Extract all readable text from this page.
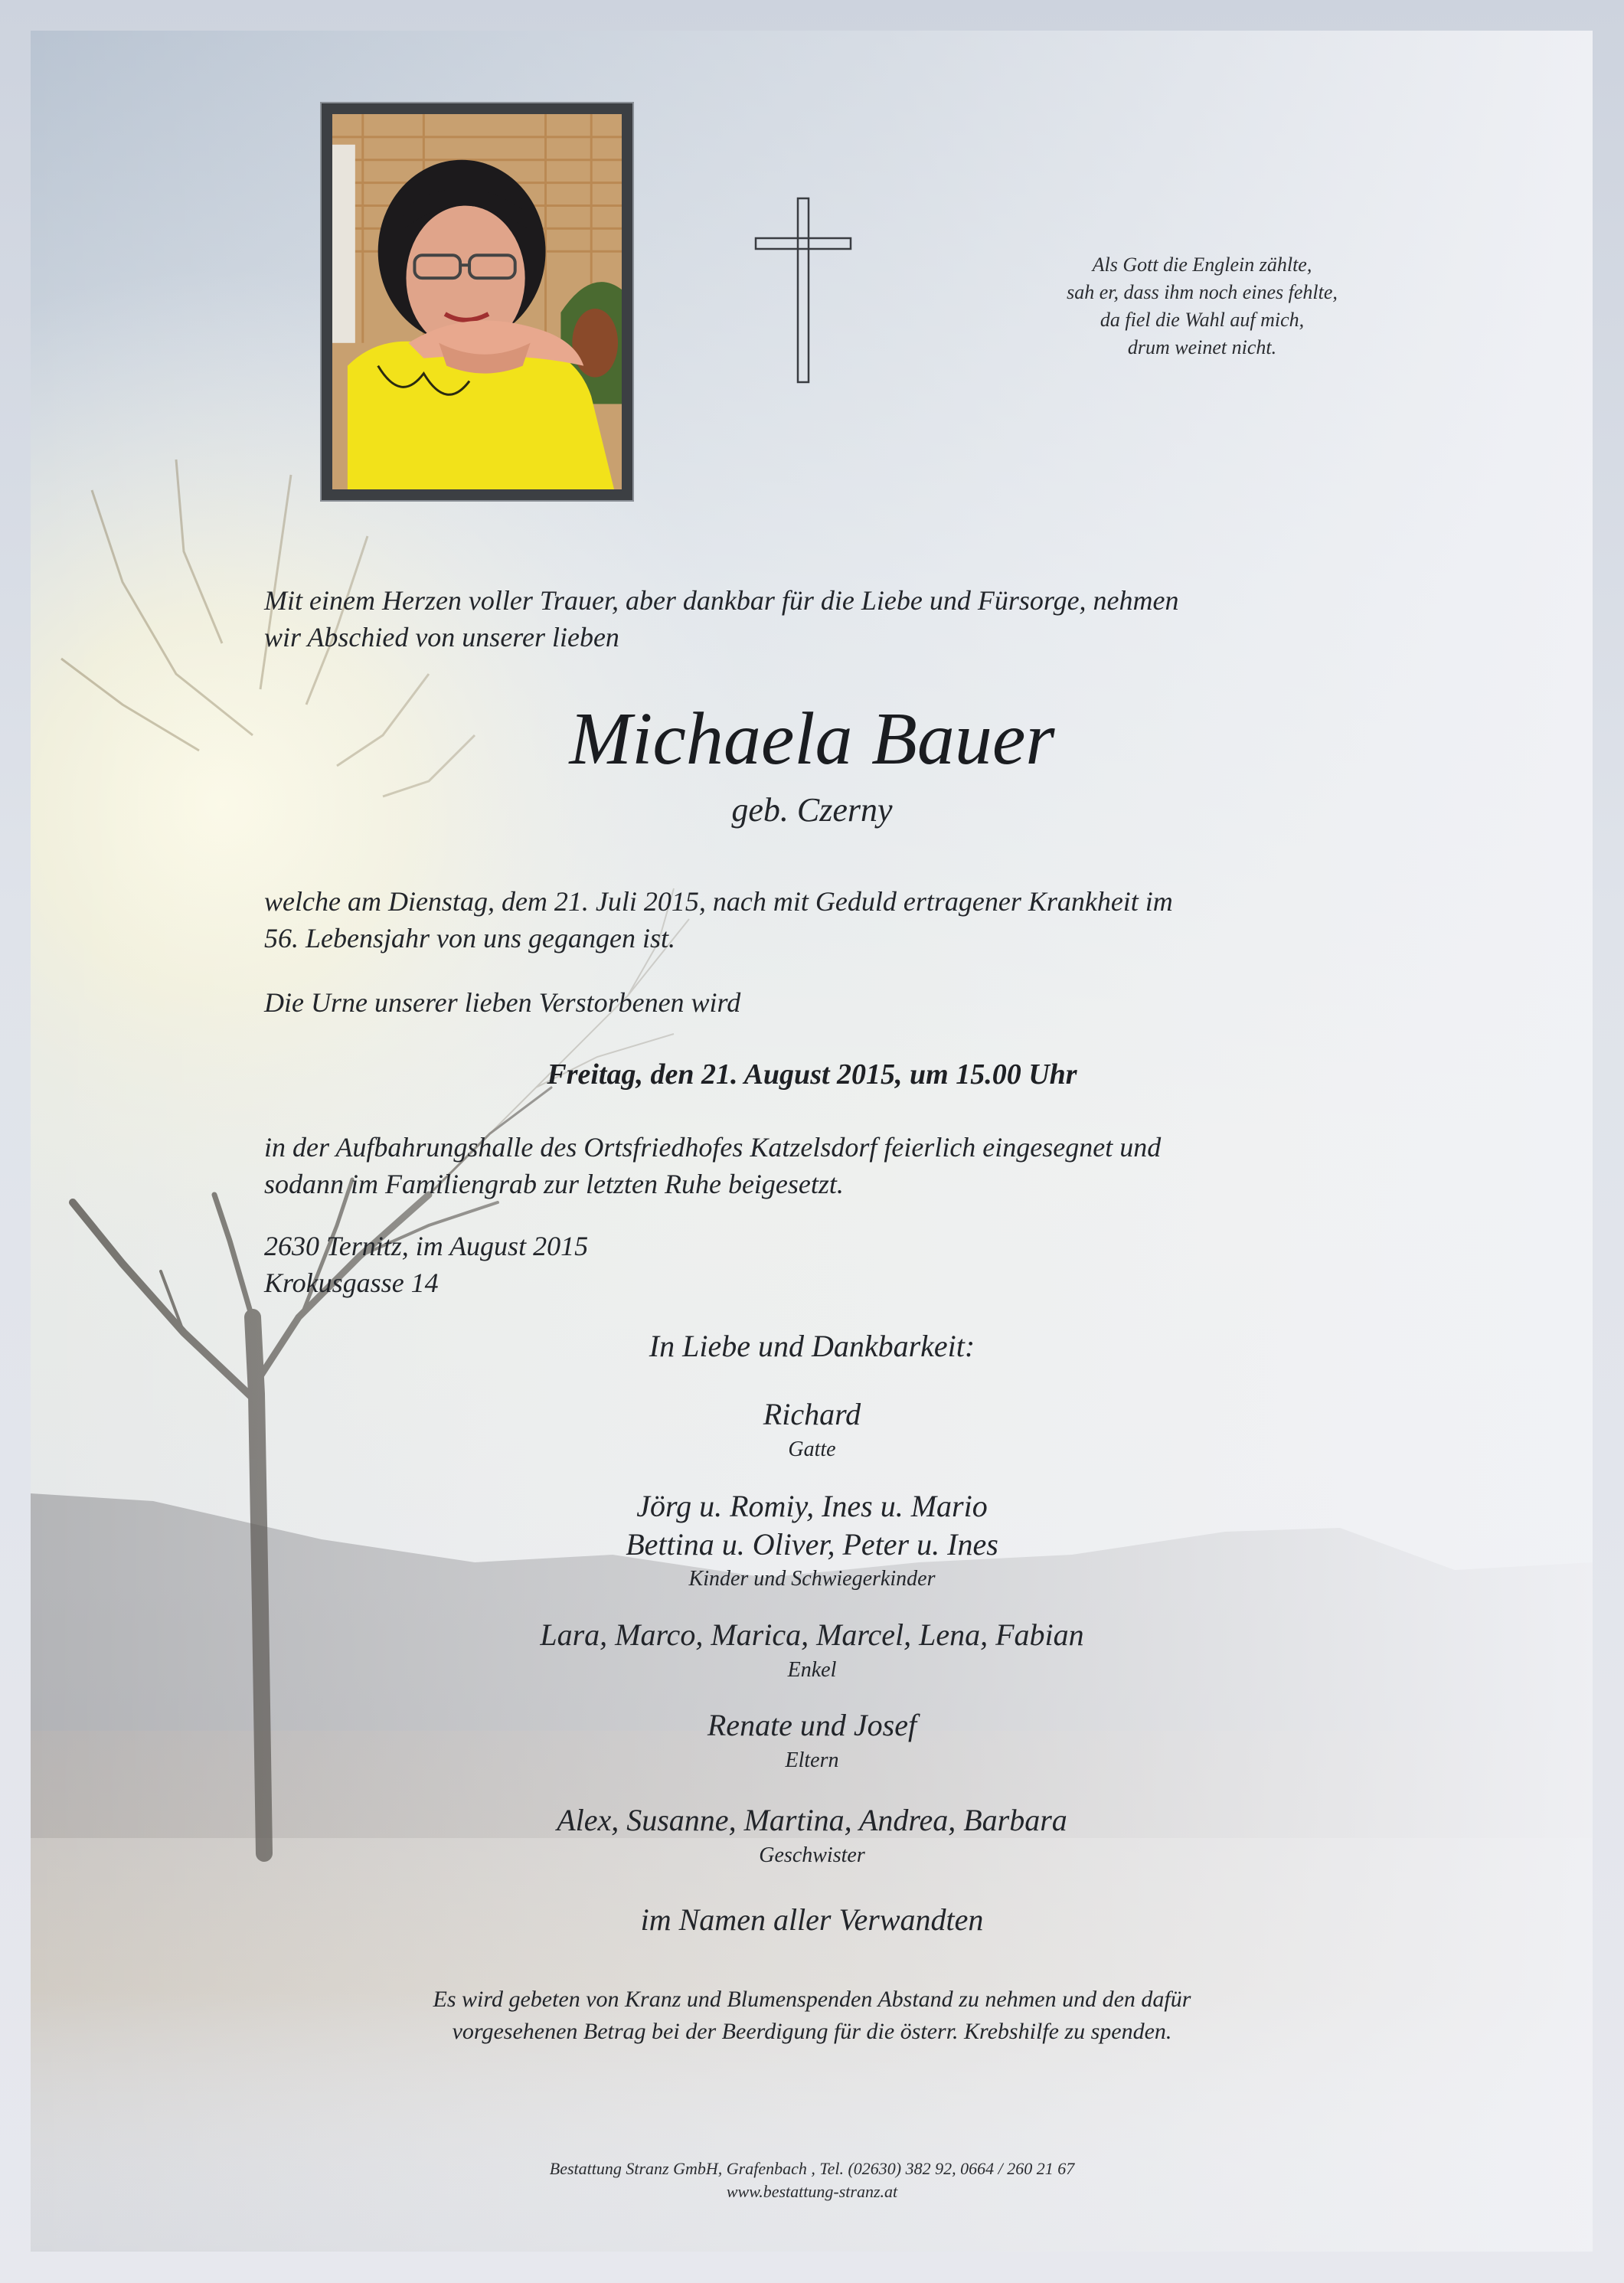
Als Gott die Englein zählte,
sah er, dass ihm noch eines fehlte,
da fiel die Wahl auf mich,
drum weinet nicht.
Mit einem Herzen voller Trauer, aber dankbar für die Liebe und Fürsorge, nehmen
wir Abschied von unserer lieben
Michaela Bauer
geb. Czerny
welche am Dienstag, dem 21. Juli 2015, nach mit Geduld ertragener Krankheit im
56. Lebensjahr von uns gegangen ist.
Die Urne unserer lieben Verstorbenen wird
Freitag, den 21. August 2015, um 15.00 Uhr
in der Aufbahrungshalle des Ortsfriedhofes Katzelsdorf feierlich eingesegnet und
sodann im Familiengrab zur letzten Ruhe beigesetzt.
2630 Ternitz, im August 2015
Krokusgasse 14
In Liebe und Dankbarkeit:
Richard
Gatte
Jörg u. Romiy, Ines u. Mario
Bettina u. Oliver, Peter u. Ines
Kinder und Schwiegerkinder
Lara, Marco, Marica, Marcel, Lena, Fabian
Enkel
Renate und Josef
Eltern
Alex, Susanne, Martina, Andrea, Barbara
Geschwister
im Namen aller Verwandten
Es wird gebeten von Kranz und Blumenspenden Abstand zu nehmen und den dafür
vorgesehenen Betrag bei der Beerdigung für die österr. Krebshilfe zu spenden.
Bestattung Stranz GmbH, Grafenbach , Tel. (02630) 382 92, 0664 / 260 21 67
www.bestattung-stranz.at
